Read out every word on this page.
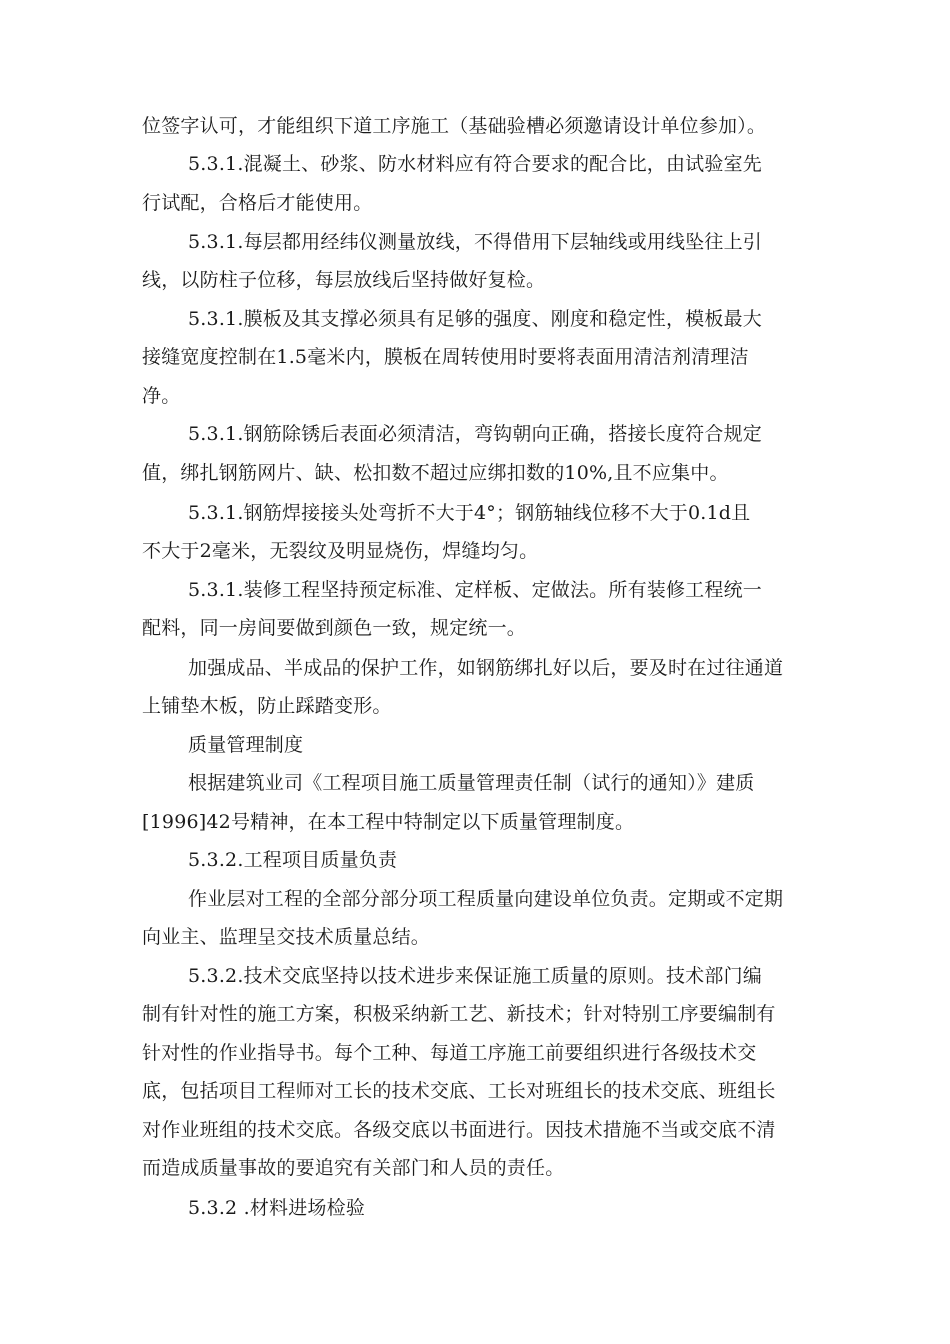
位签字认可，才能组织下道工序施工（基础验槽必须邀请设计单位参加）。
5.3.1.混凝土、砂浆、防水材料应有符合要求的配合比，由试验室先
行试配，合格后才能使用。
5.3.1.每层都用经纬仪测量放线，不得借用下层轴线或用线坠往上引
线，以防柱子位移，每层放线后坚持做好复检。
5.3.1.膜板及其支撑必须具有足够的强度、刚度和稳定性，模板最大
接缝宽度控制在1.5毫米内，膜板在周转使用时要将表面用清洁剂清理洁
净。
5.3.1.钢筋除锈后表面必须清洁，弯钩朝向正确，搭接长度符合规定
值，绑扎钢筋网片、缺、松扣数不超过应绑扣数的10%,且不应集中。
5.3.1.钢筋焊接接头处弯折不大于4°；钢筋轴线位移不大于0.1d且
不大于2毫米，无裂纹及明显烧伤，焊缝均匀。
5.3.1.装修工程坚持预定标准、定样板、定做法。所有装修工程统一
配料，同一房间要做到颜色一致，规定统一。
加强成品、半成品的保护工作，如钢筋绑扎好以后，要及时在过往通道
上铺垫木板，防止踩踏变形。
质量管理制度
根据建筑业司《工程项目施工质量管理责任制（试行的通知）》建质
[1996]42号精神，在本工程中特制定以下质量管理制度。
5.3.2.工程项目质量负责
作业层对工程的全部分部分项工程质量向建设单位负责。定期或不定期
向业主、监理呈交技术质量总结。
5.3.2.技术交底坚持以技术进步来保证施工质量的原则。技术部门编
制有针对性的施工方案，积极采纳新工艺、新技术；针对特别工序要编制有
针对性的作业指导书。每个工种、每道工序施工前要组织进行各级技术交
底，包括项目工程师对工长的技术交底、工长对班组长的技术交底、班组长
对作业班组的技术交底。各级交底以书面进行。因技术措施不当或交底不清
而造成质量事故的要追究有关部门和人员的责任。
5.3.2 .材料进场检验
